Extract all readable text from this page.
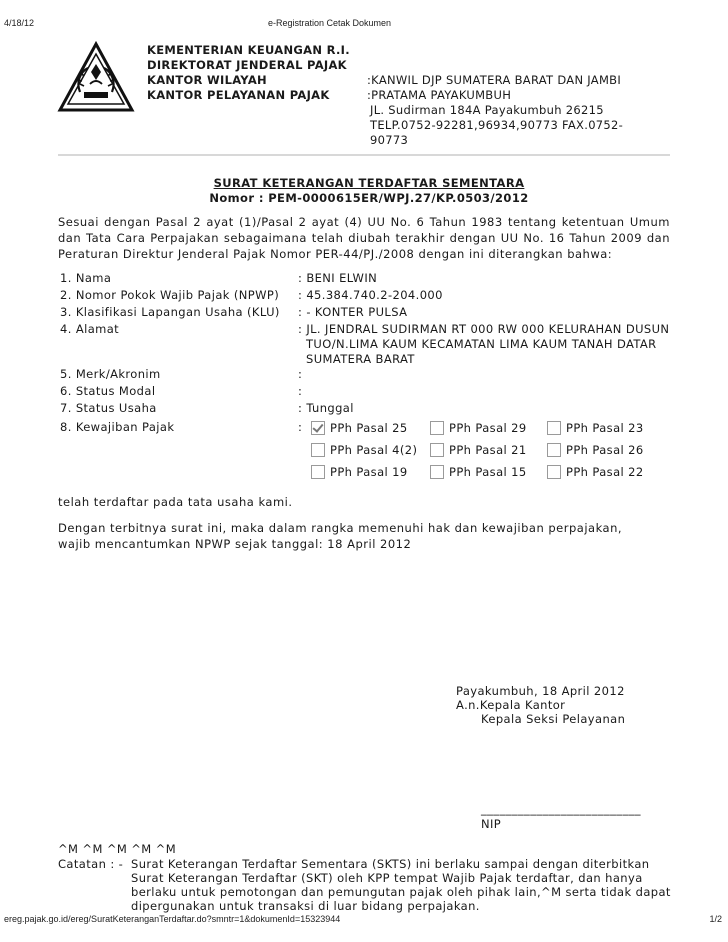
4/18/12	e-Registration Cetak Dokumen
KEMENTERIAN KEUANGAN R.I.
DIREKTORAT JENDERAL PAJAK
KANTOR WILAYAH
KANTOR PELAYANAN PAJAK
:KANWIL DJP SUMATERA BARAT DAN JAMBI
:PRATAMA PAYAKUMBUH
JL. Sudirman 184A Payakumbuh 26215
TELP.0752-92281,96934,90773 FAX.0752-
90773
SURAT KETERANGAN TERDAFTAR SEMENTARA
Nomor : PEM-0000615ER/WPJ.27/KP.0503/2012
Sesuai dengan Pasal 2 ayat (1)/Pasal 2 ayat (4) UU No. 6 Tahun 1983 tentang ketentuan Umum dan Tata Cara Perpajakan sebagaimana telah diubah terakhir dengan UU No. 16 Tahun 2009 dan Peraturan Direktur Jenderal Pajak Nomor PER-44/PJ./2008 dengan ini diterangkan bahwa:
1. Nama	: BENI ELWIN
2. Nomor Pokok Wajib Pajak (NPWP) : 45.384.740.2-204.000
3. Klasifikasi Lapangan Usaha (KLU) : - KONTER PULSA
4. Alamat	: JL. JENDRAL SUDIRMAN RT 000 RW 000 KELURAHAN DUSUN
TUO/N.LIMA KAUM KECAMATAN LIMA KAUM TANAH DATAR
SUMATERA BARAT
5. Merk/Akronim	:
6. Status Modal	:
7. Status Usaha	: Tunggal
8. Kewajiban Pajak	: PPh Pasal 25	PPh Pasal 29	PPh Pasal 23
PPh Pasal 4(2)	PPh Pasal 21	PPh Pasal 26
PPh Pasal 19	PPh Pasal 15	PPh Pasal 22
telah terdaftar pada tata usaha kami.
Dengan terbitnya surat ini, maka dalam rangka memenuhi hak dan kewajiban perpajakan, wajib mencantumkan NPWP sejak tanggal: 18 April 2012
Payakumbuh, 18 April 2012
A.n.Kepala Kantor
Kepala Seksi Pelayanan
__________________________
NIP
^M ^M ^M ^M ^M
Catatan : - Surat Keterangan Terdaftar Sementara (SKTS) ini berlaku sampai dengan diterbitkan
Surat Keterangan Terdaftar (SKT) oleh KPP tempat Wajib Pajak terdaftar, dan hanya
berlaku untuk pemotongan dan pemungutan pajak oleh pihak lain,^M serta tidak dapat
dipergunakan untuk transaksi di luar bidang perpajakan.
ereg.pajak.go.id/ereg/SuratKeteranganTerdaftar.do?smntr=1&dokumenId=15323944	1/2
